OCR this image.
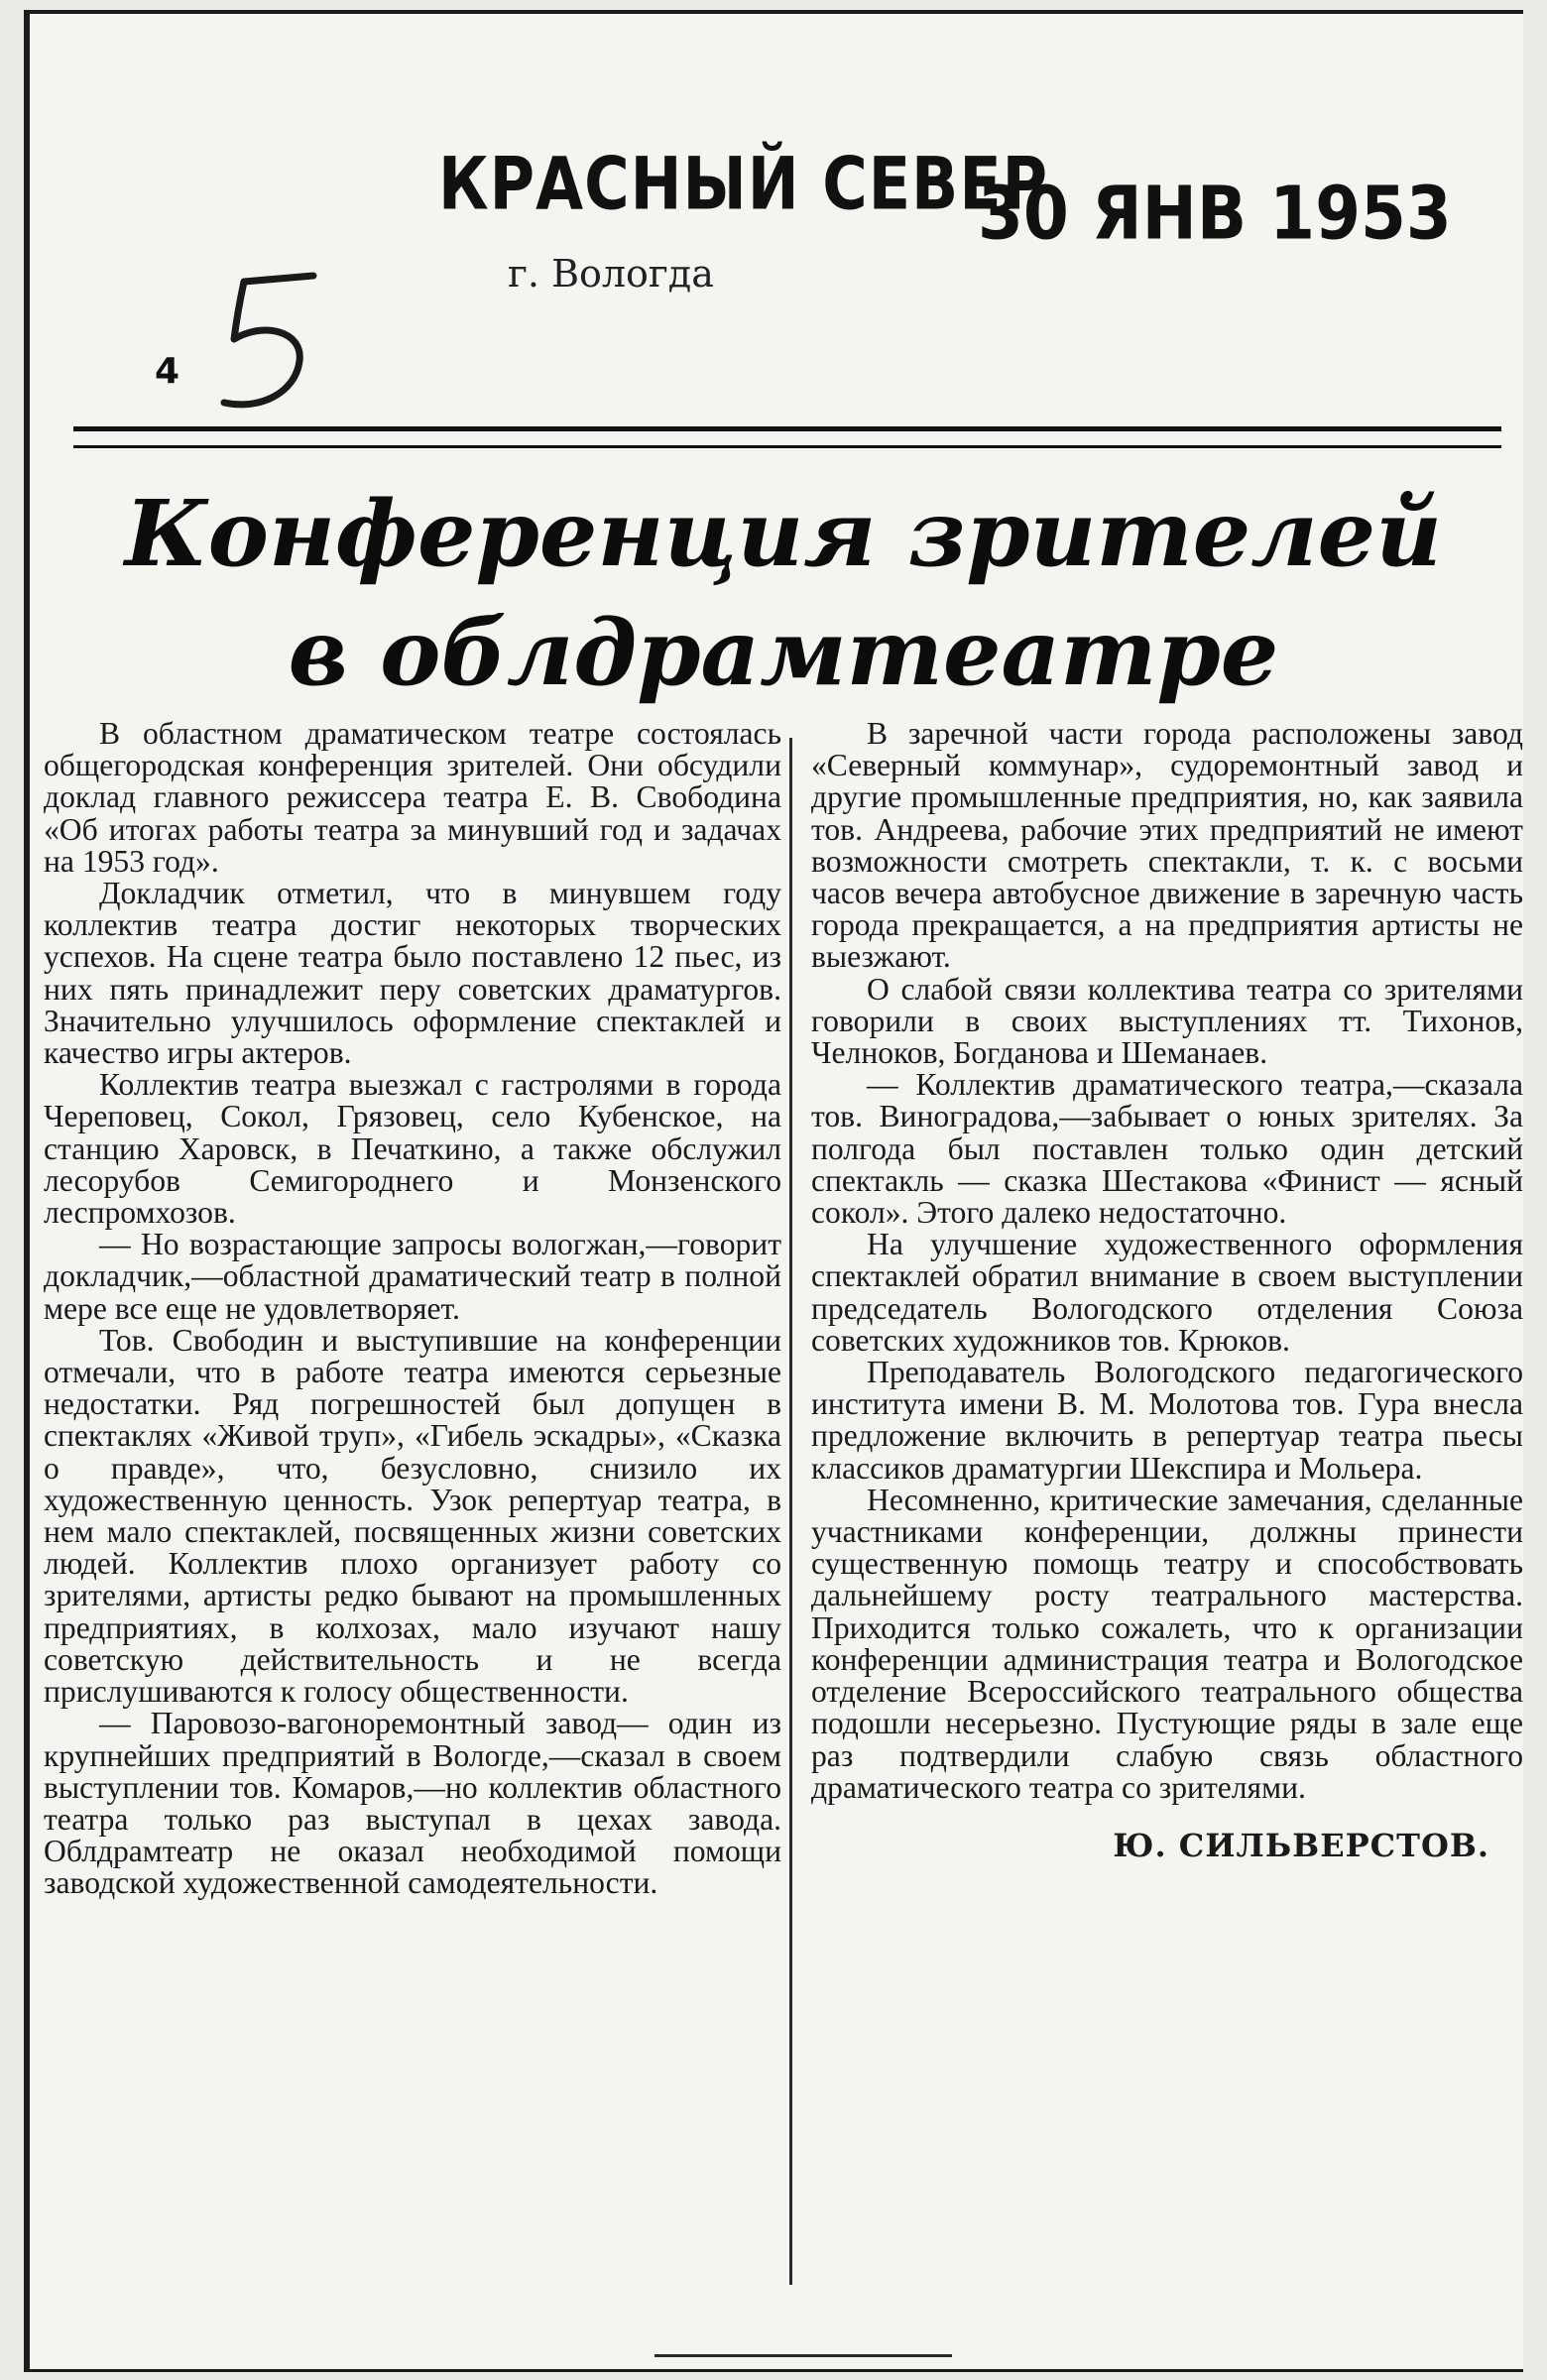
КРАСНЫЙ СЕВЕР
г. Вологда
30 ЯНВ 1953
4
Конференция зрителей
в облдрамтеатре

В областном драматическом театре состоялась общегородская конференция зрителей. Они обсудили доклад главного режиссера театра Е. В. Свободина «Об итогах работы театра за минувший год и задачах на 1953 год».

Докладчик отметил, что в минувшем году коллектив театра достиг некоторых творческих успехов. На сцене театра было поставлено 12 пьес, из них пять принадлежит перу советских драматургов. Значительно улучшилось оформление спектаклей и качество игры актеров.

Коллектив театра выезжал с гастролями в города Череповец, Сокол, Грязовец, село Кубенское, на станцию Харовск, в Печаткино, а также обслужил лесорубов Семигороднего и Монзенского леспромхозов.

— Но возрастающие запросы вологжан,—говорит докладчик,—областной драматический театр в полной мере все еще не удовлетворяет.

Тов. Свободин и выступившие на конференции отмечали, что в работе театра имеются серьезные недостатки. Ряд погрешностей был допущен в спектаклях «Живой труп», «Гибель эскадры», «Сказка о правде», что, безусловно, снизило их художественную ценность. Узок репертуар театра, в нем мало спектаклей, посвященных жизни советских людей. Коллектив плохо организует работу со зрителями, артисты редко бывают на промышленных предприятиях, в колхозах, мало изучают нашу советскую действительность и не всегда прислушиваются к голосу общественности.

— Паровозо-вагоноремонтный завод— один из крупнейших предприятий в Вологде,—сказал в своем выступлении тов. Комаров,—но коллектив областного театра только раз выступал в цехах завода. Облдрамтеатр не оказал необходимой помощи заводской художественной самодеятельности.

В заречной части города расположены завод «Северный коммунар», судоремонтный завод и другие промышленные предприятия, но, как заявила тов. Андреева, рабочие этих предприятий не имеют возможности смотреть спектакли, т. к. с восьми часов вечера автобусное движение в заречную часть города прекращается, а на предприятия артисты не выезжают.

О слабой связи коллектива театра со зрителями говорили в своих выступлениях тт. Тихонов, Челноков, Богданова и Шеманаев.

— Коллектив драматического театра,—сказала тов. Виноградова,—забывает о юных зрителях. За полгода был поставлен только один детский спектакль — сказка Шестакова «Финист — ясный сокол». Этого далеко недостаточно.

На улучшение художественного оформления спектаклей обратил внимание в своем выступлении председатель Вологодского отделения Союза советских художников тов. Крюков.

Преподаватель Вологодского педагогического института имени В. М. Молотова тов. Гура внесла предложение включить в репертуар театра пьесы классиков драматургии Шекспира и Мольера.

Несомненно, критические замечания, сделанные участниками конференции, должны принести существенную помощь театру и способствовать дальнейшему росту театрального мастерства. Приходится только сожалеть, что к организации конференции администрация театра и Вологодское отделение Всероссийского театрального общества подошли несерьезно. Пустующие ряды в зале еще раз подтвердили слабую связь областного драматического театра со зрителями.

Ю. СИЛЬВЕРСТОВ.
